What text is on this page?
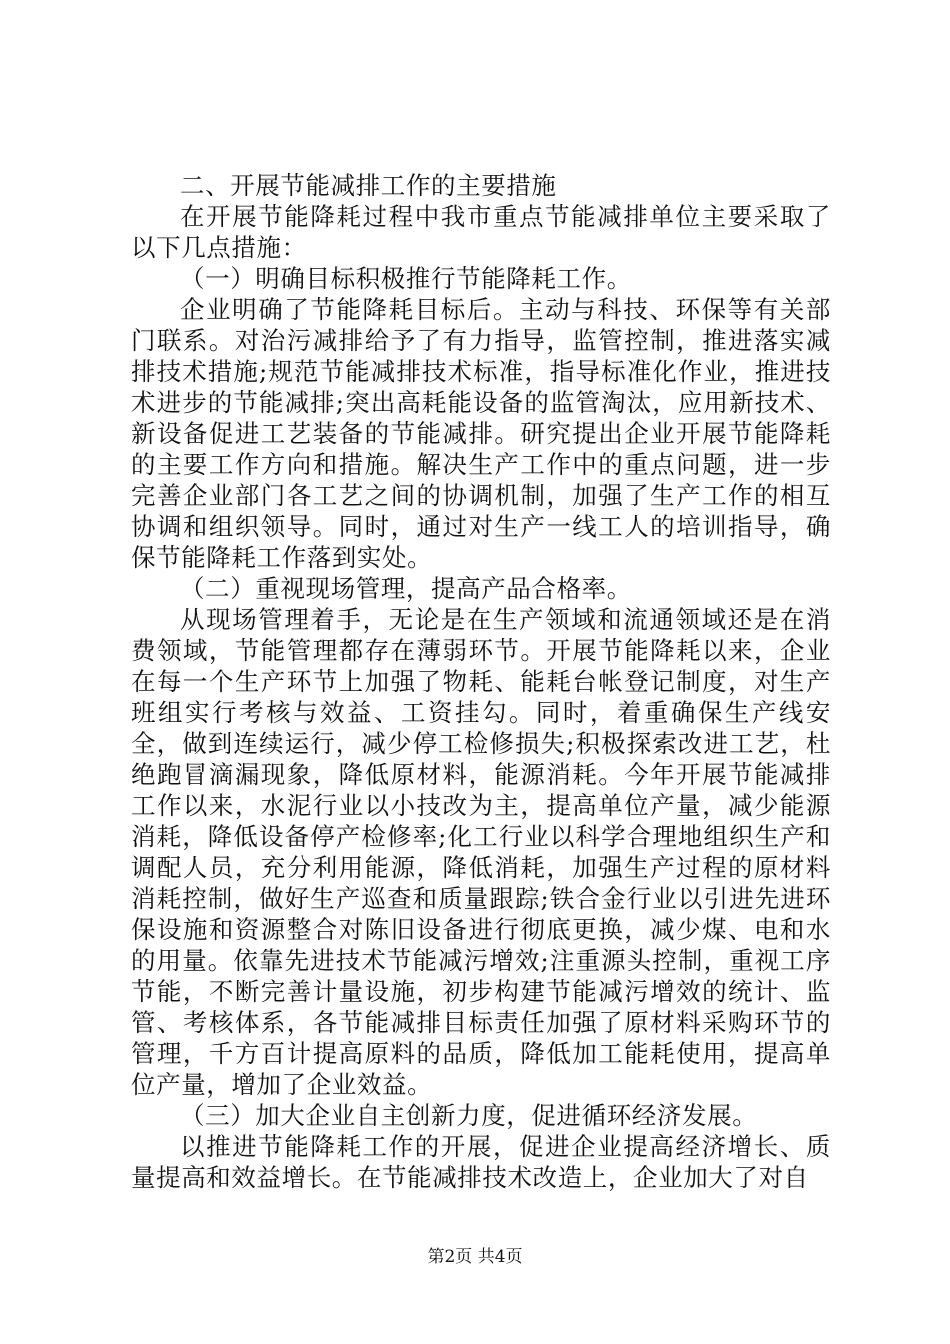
二、开展节能减排工作的主要措施

在开展节能降耗过程中我市重点节能减排单位主要采取了以下几点措施：

（一）明确目标积极推行节能降耗工作。

企业明确了节能降耗目标后。主动与科技、环保等有关部门联系。对治污减排给予了有力指导，监管控制，推进落实减排技术措施;规范节能减排技术标准，指导标准化作业，推进技术进步的节能减排;突出高耗能设备的监管淘汰，应用新技术、新设备促进工艺装备的节能减排。研究提出企业开展节能降耗的主要工作方向和措施。解决生产工作中的重点问题，进一步完善企业部门各工艺之间的协调机制，加强了生产工作的相互协调和组织领导。同时，通过对生产一线工人的培训指导，确保节能降耗工作落到实处。

（二）重视现场管理，提高产品合格率。

从现场管理着手，无论是在生产领域和流通领域还是在消费领域，节能管理都存在薄弱环节。开展节能降耗以来，企业在每一个生产环节上加强了物耗、能耗台帐登记制度，对生产班组实行考核与效益、工资挂勾。同时，着重确保生产线安全，做到连续运行，减少停工检修损失;积极探索改进工艺，杜绝跑冒滴漏现象，降低原材料，能源消耗。今年开展节能减排工作以来，水泥行业以小技改为主，提高单位产量，减少能源消耗，降低设备停产检修率;化工行业以科学合理地组织生产和调配人员，充分利用能源，降低消耗，加强生产过程的原材料消耗控制，做好生产巡查和质量跟踪;铁合金行业以引进先进环保设施和资源整合对陈旧设备进行彻底更换，减少煤、电和水的用量。依靠先进技术节能减污增效;注重源头控制，重视工序节能，不断完善计量设施，初步构建节能减污增效的统计、监管、考核体系，各节能减排目标责任加强了原材料采购环节的管理，千方百计提高原料的品质，降低加工能耗使用，提高单位产量，增加了企业效益。

（三）加大企业自主创新力度，促进循环经济发展。

以推进节能降耗工作的开展，促进企业提高经济增长、质量提高和效益增长。在节能减排技术改造上，企业加大了对自

第2页 共4页
